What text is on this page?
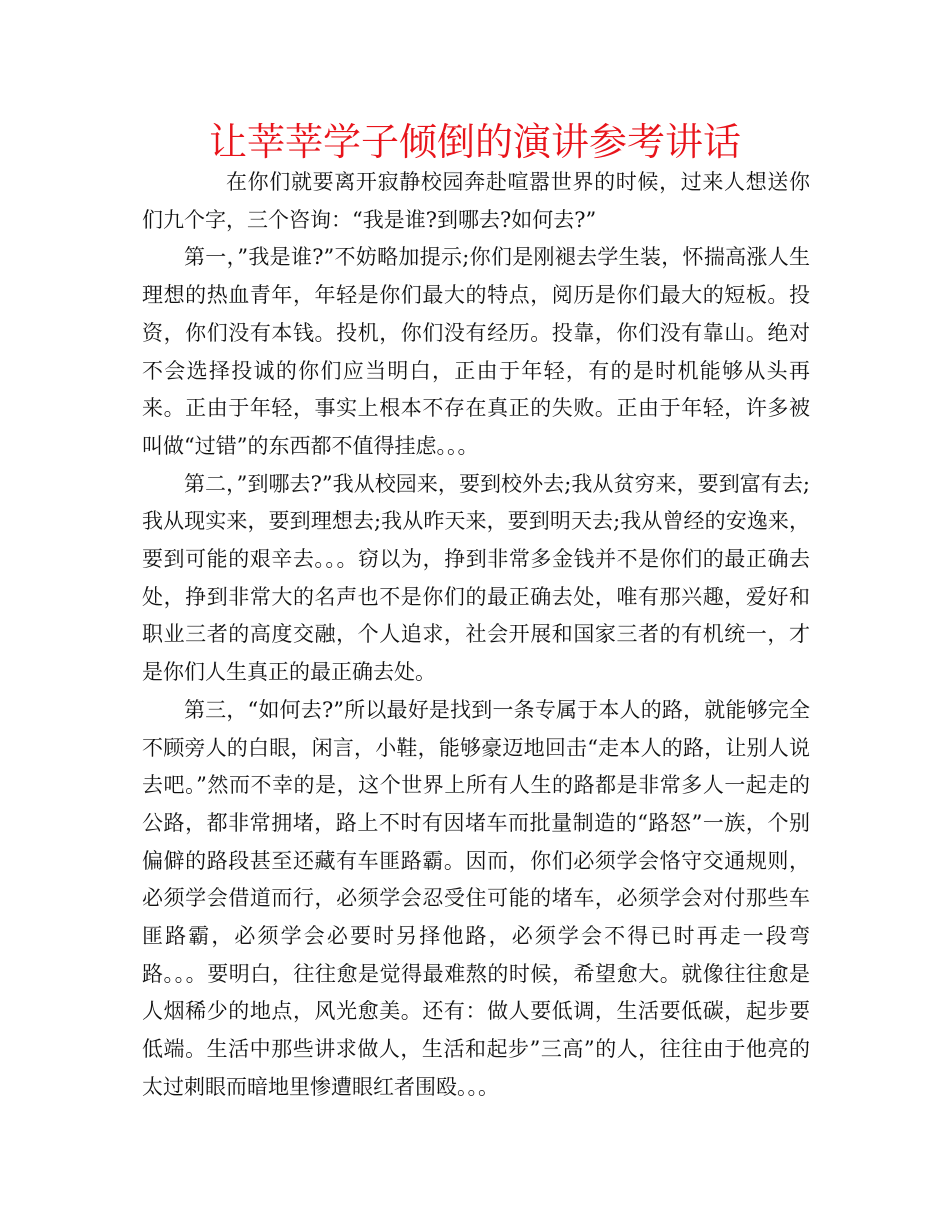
让莘莘学子倾倒的演讲参考讲话

在你们就要离开寂静校园奔赴喧嚣世界的时候，过来人想送你们九个字，三个咨询：“我是谁?到哪去?如何去?”

第一，”我是谁?”不妨略加提示;你们是刚褪去学生装，怀揣高涨人生理想的热血青年，年轻是你们最大的特点，阅历是你们最大的短板。投资，你们没有本钱。投机，你们没有经历。投靠，你们没有靠山。绝对不会选择投诚的你们应当明白，正由于年轻，有的是时机能够从头再来。正由于年轻，事实上根本不存在真正的失败。正由于年轻，许多被叫做“过错”的东西都不值得挂虑。。。

第二，”到哪去?”我从校园来，要到校外去;我从贫穷来，要到富有去;我从现实来，要到理想去;我从昨天来，要到明天去;我从曾经的安逸来，要到可能的艰辛去。。。窃以为，挣到非常多金钱并不是你们的最正确去处，挣到非常大的名声也不是你们的最正确去处，唯有那兴趣，爱好和职业三者的高度交融，个人追求，社会开展和国家三者的有机统一，才是你们人生真正的最正确去处。

第三，“如何去?”所以最好是找到一条专属于本人的路，就能够完全不顾旁人的白眼，闲言，小鞋，能够豪迈地回击“走本人的路，让别人说去吧。”然而不幸的是，这个世界上所有人生的路都是非常多人一起走的公路，都非常拥堵，路上不时有因堵车而批量制造的“路怒”一族，个别偏僻的路段甚至还藏有车匪路霸。因而，你们必须学会恪守交通规则，必须学会借道而行，必须学会忍受住可能的堵车，必须学会对付那些车匪路霸，必须学会必要时另择他路，必须学会不得已时再走一段弯路。。。要明白，往往愈是觉得最难熬的时候，希望愈大。就像往往愈是人烟稀少的地点，风光愈美。还有：做人要低调，生活要低碳，起步要低端。生活中那些讲求做人，生活和起步”三高”的人，往往由于他亮的太过刺眼而暗地里惨遭眼红者围殴。。。
